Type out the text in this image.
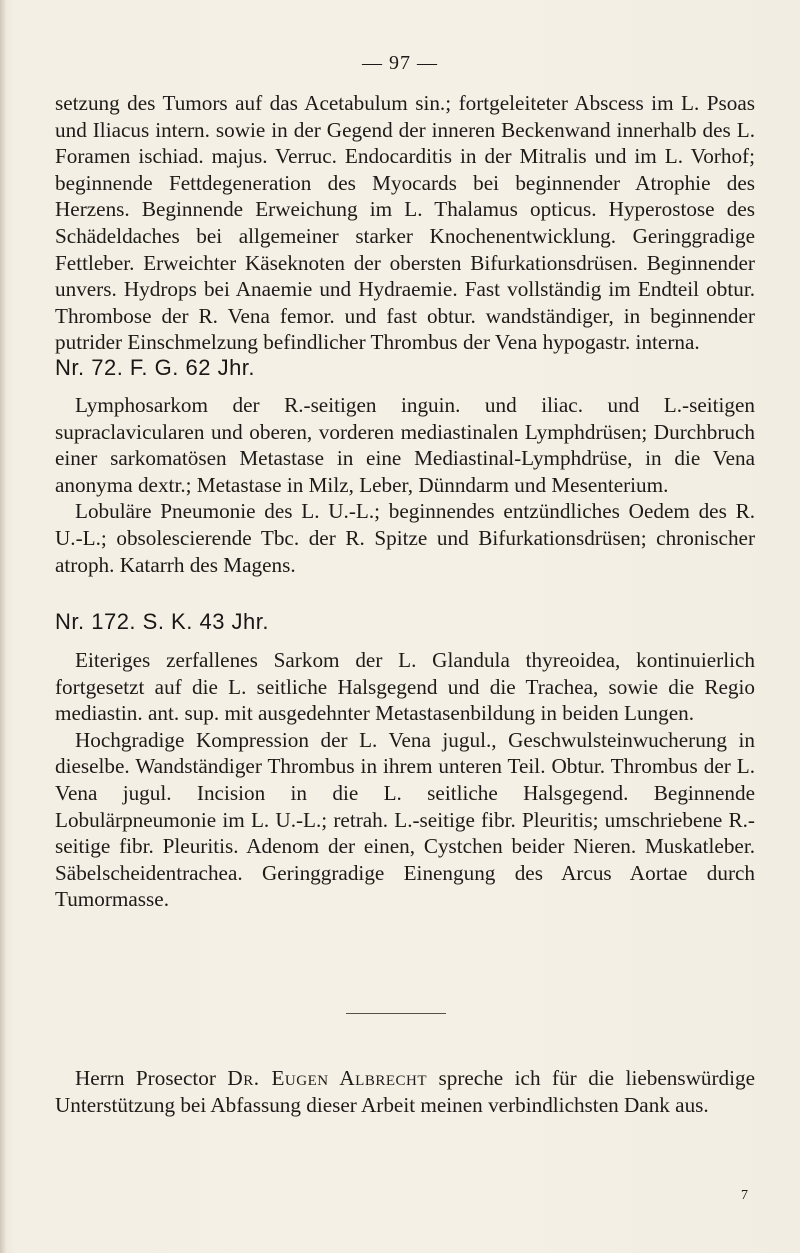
— 97 —

setzung des Tumors auf das Acetabulum sin.; fortgeleiteter Abscess im L. Psoas und Iliacus intern. sowie in der Gegend der inneren Beckenwand innerhalb des L. Foramen ischiad. majus. Verruc. Endocarditis in der Mitralis und im L. Vorhof; beginnende Fettdegeneration des Myocards bei beginnender Atrophie des Herzens. Beginnende Erweichung im L. Thalamus opticus. Hyperostose des Schädeldaches bei allgemeiner starker Knochenentwicklung. Geringgradige Fettleber. Erweichter Käseknoten der obersten Bifurkationsdrüsen. Beginnender unvers. Hydrops bei Anaemie und Hydraemie. Fast vollständig im Endteil obtur. Thrombose der R. Vena femor. und fast obtur. wandständiger, in beginnender putrider Einschmelzung befindlicher Thrombus der Vena hypogastr. interna.

Nr. 72. F. G. 62 Jhr.

Lymphosarkom der R.-seitigen inguin. und iliac. und L.-seitigen supraclavicularen und oberen, vorderen mediastinalen Lymphdrüsen; Durchbruch einer sarkomatösen Metastase in eine Mediastinal-Lymphdrüse, in die Vena anonyma dextr.; Metastase in Milz, Leber, Dünndarm und Mesenterium.

Lobuläre Pneumonie des L. U.-L.; beginnendes entzündliches Oedem des R. U.-L.; obsolescierende Tbc. der R. Spitze und Bifurkationsdrüsen; chronischer atroph. Katarrh des Magens.

Nr. 172. S. K. 43 Jhr.

Eiteriges zerfallenes Sarkom der L. Glandula thyreoidea, kontinuierlich fortgesetzt auf die L. seitliche Halsgegend und die Trachea, sowie die Regio mediastin. ant. sup. mit ausgedehnter Metastasenbildung in beiden Lungen.

Hochgradige Kompression der L. Vena jugul., Geschwulsteinwucherung in dieselbe. Wandständiger Thrombus in ihrem unteren Teil. Obtur. Thrombus der L. Vena jugul. Incision in die L. seitliche Halsgegend. Beginnende Lobulärpneumonie im L. U.-L.; retrah. L.-seitige fibr. Pleuritis; umschriebene R.-seitige fibr. Pleuritis. Adenom der einen, Cystchen beider Nieren. Muskatleber. Säbelscheidentrachea. Geringgradige Einengung des Arcus Aortae durch Tumormasse.

Herrn Prosector Dr. Eugen Albrecht spreche ich für die liebenswürdige Unterstützung bei Abfassung dieser Arbeit meinen verbindlichsten Dank aus.

7
